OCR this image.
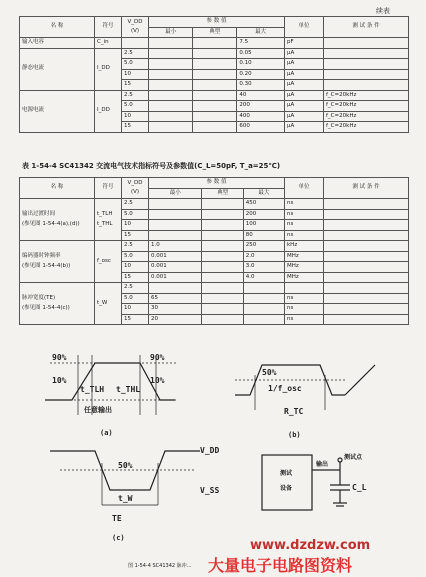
续表
名 称	符号	V_DD
(V)	参 数 值			单位	测 试 条 件
			最小	典型	最大		
输入电容	C_in				7.5	pF	
静态电流	I_DD	2.5			0.05	μA	
		5.0			0.10	μA	
		10			0.20	μA	
		15			0.30	μA	
电源电流	I_DD	2.5			40	μA	f_C=20kHz
		5.0			200	μA	f_C=20kHz
		10			400	μA	f_C=20kHz
		15			600	μA	f_C=20kHz
表 1-54-4 SC41342 交流电气技术指标符号及参数值(C_L=50pF, T_a=25℃)
名 称	符号	V_DD
(V)	参 数 值			单位	测 试 条 件
			最小	典型	最大		
输出过渡时间
(参见图 1-54-4(a),(d))	t_TLH
t_THL	2.5			450	ns	
		5.0			200	ns	
		10			100	ns	
		15			80	ns	
编码器时钟频率
(参见图 1-54-4(b))	f_osc	2.5	1.0		250	kHz	
		5.0	0.001		2.0	MHz	
		10	0.001		3.0	MHz	
		15	0.001		4.0	MHz	
脉冲宽度(TE)
(参见图 1-54-4(c))	t_W	2.5					
		5.0	65			ns	
		10	30			ns	
		15	20			ns	
90%
10%
90%
10%
t_TLH t_THL
任意输出
(a)
50%
1/f_osc
R_TC
(b)
50%
V_DD
V_SS
t_W
TE
(c)
测试点
输出
测试
设备	C_L
图 1-54-4 SC41342 脉冲…
www.dzdzw.com
大量电子电路图资料
